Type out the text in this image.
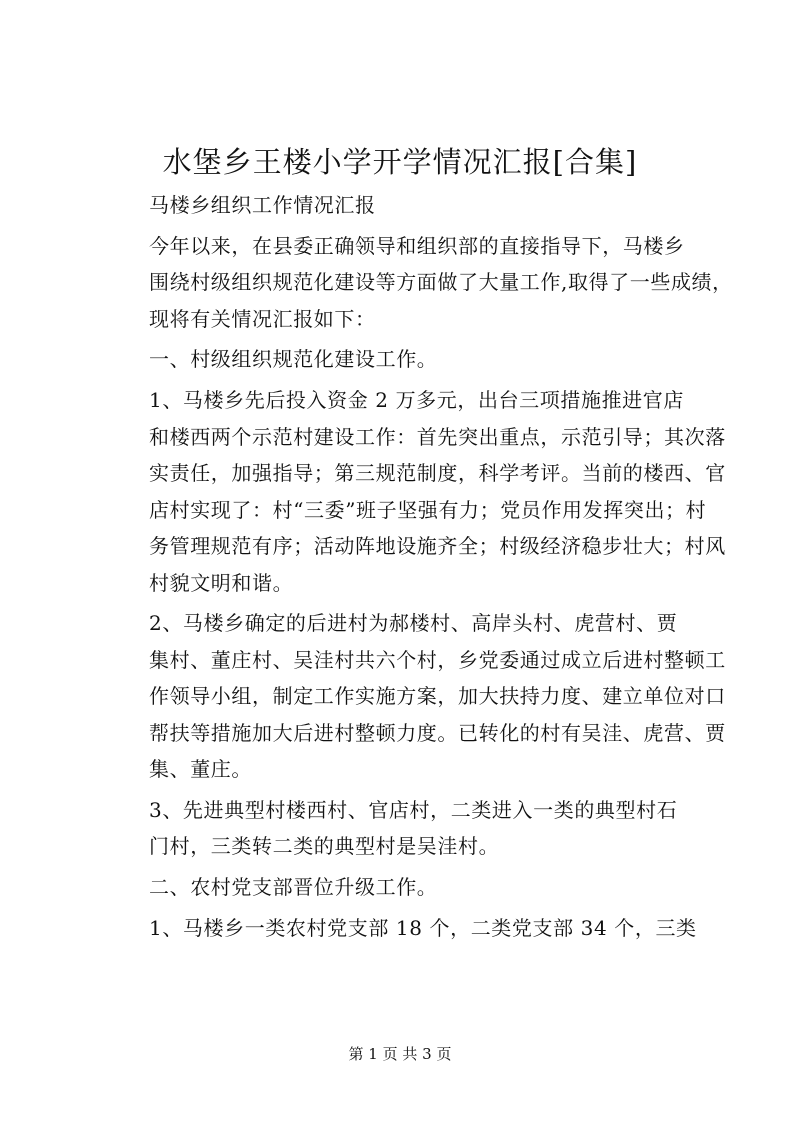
水堡乡王楼小学开学情况汇报[合集]

马楼乡组织工作情况汇报

今年以来，在县委正确领导和组织部的直接指导下，马楼乡
围绕村级组织规范化建设等方面做了大量工作,取得了一些成绩，
现将有关情况汇报如下：

一、村级组织规范化建设工作。

1、马楼乡先后投入资金 2 万多元，出台三项措施推进官店
和楼西两个示范村建设工作：首先突出重点，示范引导；其次落
实责任，加强指导；第三规范制度，科学考评。当前的楼西、官
店村实现了：村“三委”班子坚强有力；党员作用发挥突出；村
务管理规范有序；活动阵地设施齐全；村级经济稳步壮大；村风
村貌文明和谐。

2、马楼乡确定的后进村为郝楼村、高岸头村、虎营村、贾
集村、董庄村、吴洼村共六个村，乡党委通过成立后进村整顿工
作领导小组，制定工作实施方案，加大扶持力度、建立单位对口
帮扶等措施加大后进村整顿力度。已转化的村有吴洼、虎营、贾
集、董庄。

3、先进典型村楼西村、官店村，二类进入一类的典型村石
门村，三类转二类的典型村是吴洼村。

二、农村党支部晋位升级工作。

1、马楼乡一类农村党支部 18 个，二类党支部 34 个，三类

第 1 页 共 3 页
